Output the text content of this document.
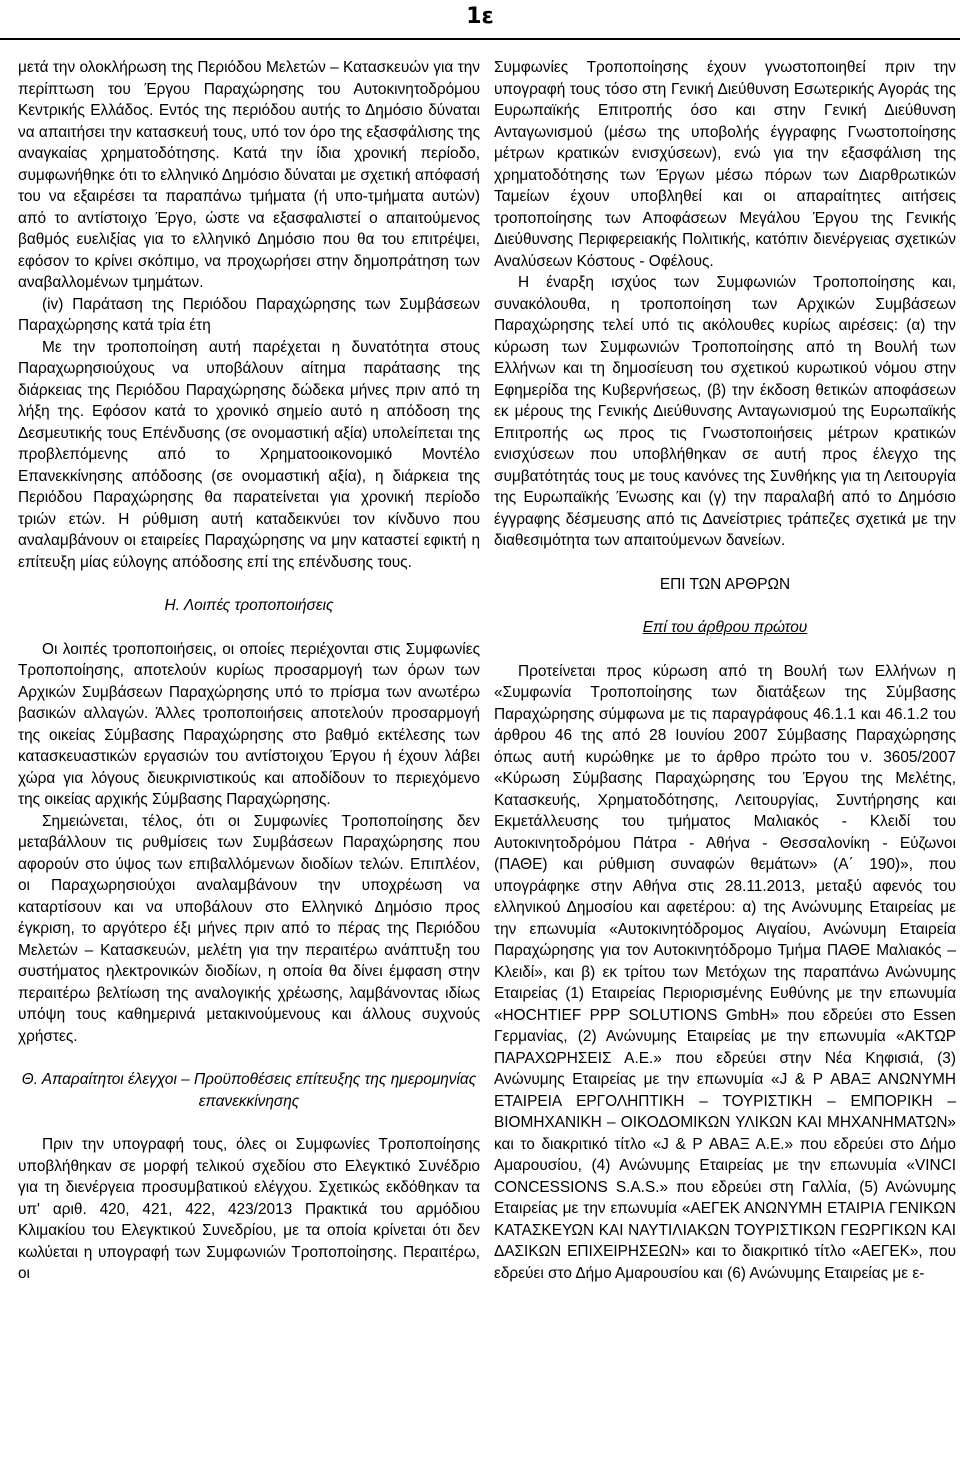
1ε

μετά την ολοκλήρωση της Περιόδου Μελετών – Κατασκευών για την περίπτωση του Έργου Παραχώρησης του Αυτοκινητοδρόμου Κεντρικής Ελλάδος. Εντός της περιόδου αυτής το Δημόσιο δύναται να απαιτήσει την κατασκευή τους, υπό τον όρο της εξασφάλισης της αναγκαίας χρηματοδότησης. Κατά την ίδια χρονική περίοδο, συμφωνήθηκε ότι το ελληνικό Δημόσιο δύναται με σχετική απόφασή του να εξαιρέσει τα παραπάνω τμήματα (ή υπο-τμήματα αυτών) από το αντίστοιχο Έργο, ώστε να εξασφαλιστεί ο απαιτούμενος βαθμός ευελιξίας για το ελληνικό Δημόσιο που θα του επιτρέψει, εφόσον το κρίνει σκόπιμο, να προχωρήσει στην δημοπράτηση των αναβαλλομένων τμημάτων.

(iv) Παράταση της Περιόδου Παραχώρησης των Συμβάσεων Παραχώρησης κατά τρία έτη

Με την τροποποίηση αυτή παρέχεται η δυνατότητα στους Παραχωρησιούχους να υποβάλουν αίτημα παράτασης της διάρκειας της Περιόδου Παραχώρησης δώδεκα μήνες πριν από τη λήξη της. Εφόσον κατά το χρονικό σημείο αυτό η απόδοση της Δεσμευτικής τους Επένδυσης (σε ονομαστική αξία) υπολείπεται της προβλεπόμενης από το Χρηματοοικονομικό Μοντέλο Επανεκκίνησης απόδοσης (σε ονομαστική αξία), η διάρκεια της Περιόδου Παραχώρησης θα παρατείνεται για χρονική περίοδο τριών ετών. Η ρύθμιση αυτή καταδεικνύει τον κίνδυνο που αναλαμβάνουν οι εταιρείες Παραχώρησης να μην καταστεί εφικτή η επίτευξη μίας εύλογης απόδοσης επί της επένδυσης τους.

Η. Λοιπές τροποποιήσεις

Οι λοιπές τροποποιήσεις, οι οποίες περιέχονται στις Συμφωνίες Τροποποίησης, αποτελούν κυρίως προσαρμογή των όρων των Αρχικών Συμβάσεων Παραχώρησης υπό το πρίσμα των ανωτέρω βασικών αλλαγών. Άλλες τροποποιήσεις αποτελούν προσαρμογή της οικείας Σύμβασης Παραχώρησης στο βαθμό εκτέλεσης των κατασκευαστικών εργασιών του αντίστοιχου Έργου ή έχουν λάβει χώρα για λόγους διευκρινιστικούς και αποδίδουν το περιεχόμενο της οικείας αρχικής Σύμβασης Παραχώρησης.

Σημειώνεται, τέλος, ότι οι Συμφωνίες Τροποποίησης δεν μεταβάλλουν τις ρυθμίσεις των Συμβάσεων Παραχώρησης που αφορούν στο ύψος των επιβαλλόμενων διοδίων τελών. Επιπλέον, οι Παραχωρησιούχοι αναλαμβάνουν την υποχρέωση να καταρτίσουν και να υποβάλουν στο Ελληνικό Δημόσιο προς έγκριση, το αργότερο έξι μήνες πριν από το πέρας της Περιόδου Μελετών – Κατασκευών, μελέτη για την περαιτέρω ανάπτυξη του συστήματος ηλεκτρονικών διοδίων, η οποία θα δίνει έμφαση στην περαιτέρω βελτίωση της αναλογικής χρέωσης, λαμβάνοντας ιδίως υπόψη τους καθημερινά μετακινούμενους και άλλους συχνούς χρήστες.

Θ. Απαραίτητοι έλεγχοι – Προϋποθέσεις επίτευξης της ημερομηνίας επανεκκίνησης

Πριν την υπογραφή τους, όλες οι Συμφωνίες Τροποποίησης υποβλήθηκαν σε μορφή τελικού σχεδίου στο Ελεγκτικό Συνέδριο για τη διενέργεια προσυμβατικού ελέγχου. Σχετικώς εκδόθηκαν τα υπ' αριθ. 420, 421, 422, 423/2013 Πρακτικά του αρμόδιου Κλιμακίου του Ελεγκτικού Συνεδρίου, με τα οποία κρίνεται ότι δεν κωλύεται η υπογραφή των Συμφωνιών Τροποποίησης. Περαιτέρω, οι

Συμφωνίες Τροποποίησης έχουν γνωστοποιηθεί πριν την υπογραφή τους τόσο στη Γενική Διεύθυνση Εσωτερικής Αγοράς της Ευρωπαϊκής Επιτροπής όσο και στην Γενική Διεύθυνση Ανταγωνισμού (μέσω της υποβολής έγγραφης Γνωστοποίησης μέτρων κρατικών ενισχύσεων), ενώ για την εξασφάλιση της χρηματοδότησης των Έργων μέσω πόρων των Διαρθρωτικών Ταμείων έχουν υποβληθεί και οι απαραίτητες αιτήσεις τροποποίησης των Αποφάσεων Μεγάλου Έργου της Γενικής Διεύθυνσης Περιφερειακής Πολιτικής, κατόπιν διενέργειας σχετικών Αναλύσεων Κόστους - Οφέλους.

Η έναρξη ισχύος των Συμφωνιών Τροποποίησης και, συνακόλουθα, η τροποποίηση των Αρχικών Συμβάσεων Παραχώρησης τελεί υπό τις ακόλουθες κυρίως αιρέσεις: (α) την κύρωση των Συμφωνιών Τροποποίησης από τη Βουλή των Ελλήνων και τη δημοσίευση του σχετικού κυρωτικού νόμου στην Εφημερίδα της Κυβερνήσεως, (β) την έκδοση θετικών αποφάσεων εκ μέρους της Γενικής Διεύθυνσης Ανταγωνισμού της Ευρωπαϊκής Επιτροπής ως προς τις Γνωστοποιήσεις μέτρων κρατικών ενισχύσεων που υποβλήθηκαν σε αυτή προς έλεγχο της συμβατότητάς τους με τους κανόνες της Συνθήκης για τη Λειτουργία της Ευρωπαϊκής Ένωσης και (γ) την παραλαβή από το Δημόσιο έγγραφης δέσμευσης από τις Δανείστριες τράπεζες σχετικά με την διαθεσιμότητα των απαιτούμενων δανείων.

ΕΠΙ ΤΩΝ ΑΡΘΡΩΝ

Επί του άρθρου πρώτου

Προτείνεται προς κύρωση από τη Βουλή των Ελλήνων η «Συμφωνία Τροποποίησης των διατάξεων της Σύμβασης Παραχώρησης σύμφωνα με τις παραγράφους 46.1.1 και 46.1.2 του άρθρου 46 της από 28 Ιουνίου 2007 Σύμβασης Παραχώρησης όπως αυτή κυρώθηκε με το άρθρο πρώτο του ν. 3605/2007 «Κύρωση Σύμβασης Παραχώρησης του Έργου της Μελέτης, Κατασκευής, Χρηματοδότησης, Λειτουργίας, Συντήρησης και Εκμετάλλευσης του τμήματος Μαλιακός - Κλειδί του Αυτοκινητοδρόμου Πάτρα - Αθήνα - Θεσσαλονίκη - Εύζωνοι (ΠΑΘΕ) και ρύθμιση συναφών θεμάτων» (Α΄ 190)», που υπογράφηκε στην Αθήνα στις 28.11.2013, μεταξύ αφενός του ελληνικού Δημοσίου και αφετέρου: α) της Ανώνυμης Εταιρείας με την επωνυμία «Αυτοκινητόδρομος Αιγαίου, Ανώνυμη Εταιρεία Παραχώρησης για τον Αυτοκινητόδρομο Τμήμα ΠΑΘΕ Μαλιακός – Κλειδί», και β) εκ τρίτου των Μετόχων της παραπάνω Ανώνυμης Εταιρείας (1) Εταιρείας Περιορισμένης Ευθύνης με την επωνυμία «HOCHTIEF PPP SOLUTIONS GmbH» που εδρεύει στο Essen Γερμανίας, (2) Ανώνυμης Εταιρείας με την επωνυμία «ΑΚΤΩΡ ΠΑΡΑΧΩΡΗΣΕΙΣ Α.Ε.» που εδρεύει στην Νέα Κηφισιά, (3) Ανώνυμης Εταιρείας με την επωνυμία «J & P ΑΒΑΞ ΑΝΩΝΥΜΗ ΕΤΑΙΡΕΙΑ ΕΡΓΟΛΗΠΤΙΚΗ – ΤΟΥΡΙΣΤΙΚΗ – ΕΜΠΟΡΙΚΗ – ΒΙΟΜΗΧΑΝΙΚΗ – ΟΙΚΟΔΟΜΙΚΩΝ ΥΛΙΚΩΝ ΚΑΙ ΜΗΧΑΝΗΜΑΤΩΝ» και το διακριτικό τίτλο «J & P ΑΒΑΞ Α.Ε.» που εδρεύει στο Δήμο Αμαρουσίου, (4) Ανώνυμης Εταιρείας με την επωνυμία «VINCI CONCESSIONS S.A.S.» που εδρεύει στη Γαλλία, (5) Ανώνυμης Εταιρείας με την επωνυμία «ΑΕΓΕΚ ΑΝΩΝΥΜΗ ΕΤΑΙΡΙΑ ΓΕΝΙΚΩΝ ΚΑΤΑΣΚΕΥΩΝ ΚΑΙ ΝΑΥΤΙΛΙΑΚΩΝ ΤΟΥΡΙΣΤΙΚΩΝ ΓΕΩΡΓΙΚΩΝ ΚΑΙ ΔΑΣΙΚΩΝ ΕΠΙΧΕΙΡΗΣΕΩΝ» και το διακριτικό τίτλο «ΑΕΓΕΚ», που εδρεύει στο Δήμο Αμαρουσίου και (6) Ανώνυμης Εταιρείας με ε-
